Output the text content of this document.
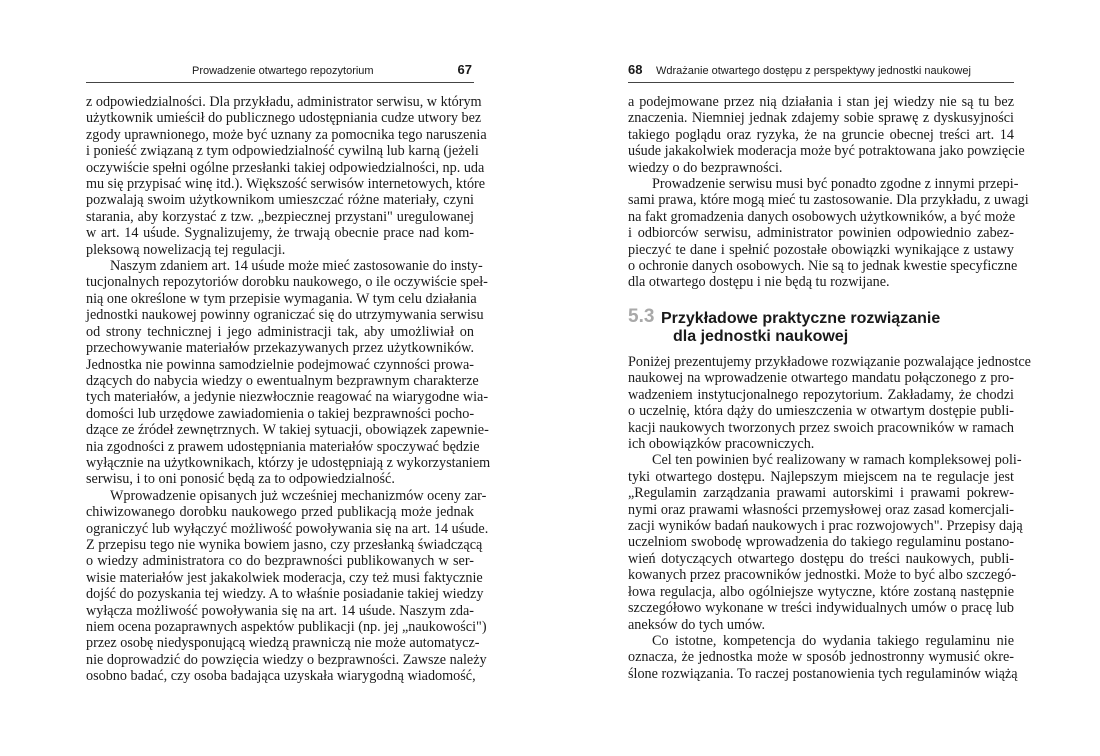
Prowadzenie otwartego repozytorium	67

z odpowiedzialności. Dla przykładu, administrator serwisu, w którym
użytkownik umieścił do publicznego udostępniania cudze utwory bez
zgody uprawnionego, może być uznany za pomocnika tego naruszenia
i ponieść związaną z tym odpowiedzialność cywilną lub karną (jeżeli
oczywiście spełni ogólne przesłanki takiej odpowiedzialności, np. uda
mu się przypisać winę itd.). Większość serwisów internetowych, które
pozwalają swoim użytkownikom umieszczać różne materiały, czyni
starania, aby korzystać z tzw. „bezpiecznej przystani" uregulowanej
w art. 14 uśude. Sygnalizujemy, że trwają obecnie prace nad kom-
pleksową nowelizacją tej regulacji.

Naszym zdaniem art. 14 uśude może mieć zastosowanie do insty-
tucjonalnych repozytoriów dorobku naukowego, o ile oczywiście speł-
nią one określone w tym przepisie wymagania. W tym celu działania
jednostki naukowej powinny ograniczać się do utrzymywania serwisu
od strony technicznej i jego administracji tak, aby umożliwiał on
przechowywanie materiałów przekazywanych przez użytkowników.
Jednostka nie powinna samodzielnie podejmować czynności prowa-
dzących do nabycia wiedzy o ewentualnym bezprawnym charakterze
tych materiałów, a jedynie niezwłocznie reagować na wiarygodne wia-
domości lub urzędowe zawiadomienia o takiej bezprawności pocho-
dzące ze źródeł zewnętrznych. W takiej sytuacji, obowiązek zapewnie-
nia zgodności z prawem udostępniania materiałów spoczywać będzie
wyłącznie na użytkownikach, którzy je udostępniają z wykorzystaniem
serwisu, i to oni ponosić będą za to odpowiedzialność.

Wprowadzenie opisanych już wcześniej mechanizmów oceny zar-
chiwizowanego dorobku naukowego przed publikacją może jednak
ograniczyć lub wyłączyć możliwość powoływania się na art. 14 uśude.
Z przepisu tego nie wynika bowiem jasno, czy przesłanką świadczącą
o wiedzy administratora co do bezprawności publikowanych w ser-
wisie materiałów jest jakakolwiek moderacja, czy też musi faktycznie
dojść do pozyskania tej wiedzy. A to właśnie posiadanie takiej wiedzy
wyłącza możliwość powoływania się na art. 14 uśude. Naszym zda-
niem ocena pozaprawnych aspektów publikacji (np. jej „naukowości")
przez osobę niedysponującą wiedzą prawniczą nie może automatycz-
nie doprowadzić do powzięcia wiedzy o bezprawności. Zawsze należy
osobno badać, czy osoba badająca uzyskała wiarygodną wiadomość,

68 Wdrażanie otwartego dostępu z perspektywy jednostki naukowej

a podejmowane przez nią działania i stan jej wiedzy nie są tu bez
znaczenia. Niemniej jednak zdajemy sobie sprawę z dyskusyjności
takiego poglądu oraz ryzyka, że na gruncie obecnej treści art. 14
uśude jakakolwiek moderacja może być potraktowana jako powzięcie
wiedzy o do bezprawności.

Prowadzenie serwisu musi być ponadto zgodne z innymi przepi-
sami prawa, które mogą mieć tu zastosowanie. Dla przykładu, z uwagi
na fakt gromadzenia danych osobowych użytkowników, a być może
i odbiorców serwisu, administrator powinien odpowiednio zabez-
pieczyć te dane i spełnić pozostałe obowiązki wynikające z ustawy
o ochronie danych osobowych. Nie są to jednak kwestie specyficzne
dla otwartego dostępu i nie będą tu rozwijane.

5.3 Przykładowe praktyczne rozwiązanie
dla jednostki naukowej

Poniżej prezentujemy przykładowe rozwiązanie pozwalające jednostce
naukowej na wprowadzenie otwartego mandatu połączonego z pro-
wadzeniem instytucjonalnego repozytorium. Zakładamy, że chodzi
o uczelnię, która dąży do umieszczenia w otwartym dostępie publi-
kacji naukowych tworzonych przez swoich pracowników w ramach
ich obowiązków pracowniczych.

Cel ten powinien być realizowany w ramach kompleksowej poli-
tyki otwartego dostępu. Najlepszym miejscem na te regulacje jest
„Regulamin zarządzania prawami autorskimi i prawami pokrew-
nymi oraz prawami własności przemysłowej oraz zasad komercjali-
zacji wyników badań naukowych i prac rozwojowych". Przepisy dają
uczelniom swobodę wprowadzenia do takiego regulaminu postano-
wień dotyczących otwartego dostępu do treści naukowych, publi-
kowanych przez pracowników jednostki. Może to być albo szczegó-
łowa regulacja, albo ogólniejsze wytyczne, które zostaną następnie
szczegółowo wykonane w treści indywidualnych umów o pracę lub
aneksów do tych umów.

Co istotne, kompetencja do wydania takiego regulaminu nie
oznacza, że jednostka może w sposób jednostronny wymusić okre-
ślone rozwiązania. To raczej postanowienia tych regulaminów wiążą
